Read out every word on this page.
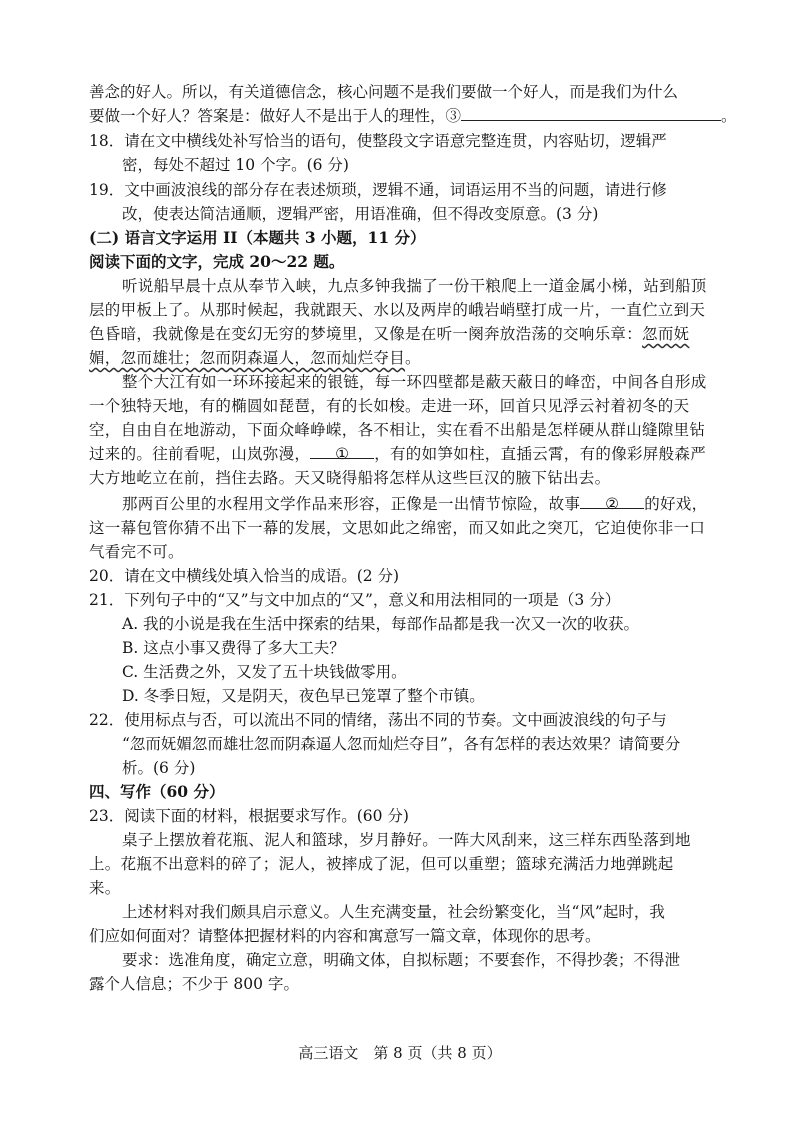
善念的好人。所以，有关道德信念，核心问题不是我们要做一个好人，而是我们为什么
要做一个好人？答案是：做好人不是出于人的理性，③	。
18．请在文中横线处补写恰当的语句，使整段文字语意完整连贯，内容贴切，逻辑严
密，每处不超过 10 个字。(6 分)
19．文中画波浪线的部分存在表述烦琐，逻辑不通，词语运用不当的问题，请进行修
改，使表达简洁通顺，逻辑严密，用语准确，但不得改变原意。(3 分)
(二) 语言文字运用 II（本题共 3 小题，11 分）
阅读下面的文字，完成 20～22 题。
听说船早晨十点从奉节入峡，九点多钟我揣了一份干粮爬上一道金属小梯，站到船顶
层的甲板上了。从那时候起，我就跟天、水以及两岸的峨岩峭壁打成一片，一直伫立到天
色昏暗，我就像是在变幻无穷的梦境里，又像是在听一阕奔放浩荡的交响乐章：忽而妩
媚，忽而雄壮；忽而阴森逼人，忽而灿烂夺目。
整个大江有如一环环接起来的银链，每一环四壁都是蔽天蔽日的峰峦，中间各自形成
一个独特天地，有的椭圆如琵琶，有的长如梭。走进一环，回首只见浮云衬着初冬的天
空，自由自在地游动，下面众峰峥嵘，各不相让，实在看不出船是怎样硬从群山缝隙里钻
过来的。往前看呢，山岚弥漫， ① ，有的如笋如柱，直插云霄，有的像彩屏般森严
大方地屹立在前，挡住去路。天又晓得船将怎样从这些巨汉的腋下钻出去。
那两百公里的水程用文学作品来形容，正像是一出情节惊险，故事 ② 的好戏，
这一幕包管你猜不出下一幕的发展，文思如此之绵密，而又如此之突兀，它迫使你非一口
气看完不可。
20．请在文中横线处填入恰当的成语。(2 分)
21．下列句子中的“又”与文中加点的“又”，意义和用法相同的一项是（3 分）
A. 我的小说是我在生活中探索的结果，每部作品都是我一次又一次的收获。
B. 这点小事又费得了多大工夫？
C. 生活费之外，又发了五十块钱做零用。
D. 冬季日短，又是阴天，夜色早已笼罩了整个市镇。
22．使用标点与否，可以流出不同的情绪，荡出不同的节奏。文中画波浪线的句子与
“忽而妩媚忽而雄壮忽而阴森逼人忽而灿烂夺目”，各有怎样的表达效果？请简要分
析。(6 分)
四、写作（60 分）
23．阅读下面的材料，根据要求写作。(60 分)
桌子上摆放着花瓶、泥人和篮球，岁月静好。一阵大风刮来，这三样东西坠落到地
上。花瓶不出意料的碎了；泥人，被摔成了泥，但可以重塑；篮球充满活力地弹跳起
来。
上述材料对我们颇具启示意义。人生充满变量，社会纷繁变化，当“风”起时，我
们应如何面对？请整体把握材料的内容和寓意写一篇文章，体现你的思考。
要求：选准角度，确定立意，明确文体，自拟标题；不要套作，不得抄袭；不得泄
露个人信息；不少于 800 字。
高三语文　第 8 页（共 8 页）
